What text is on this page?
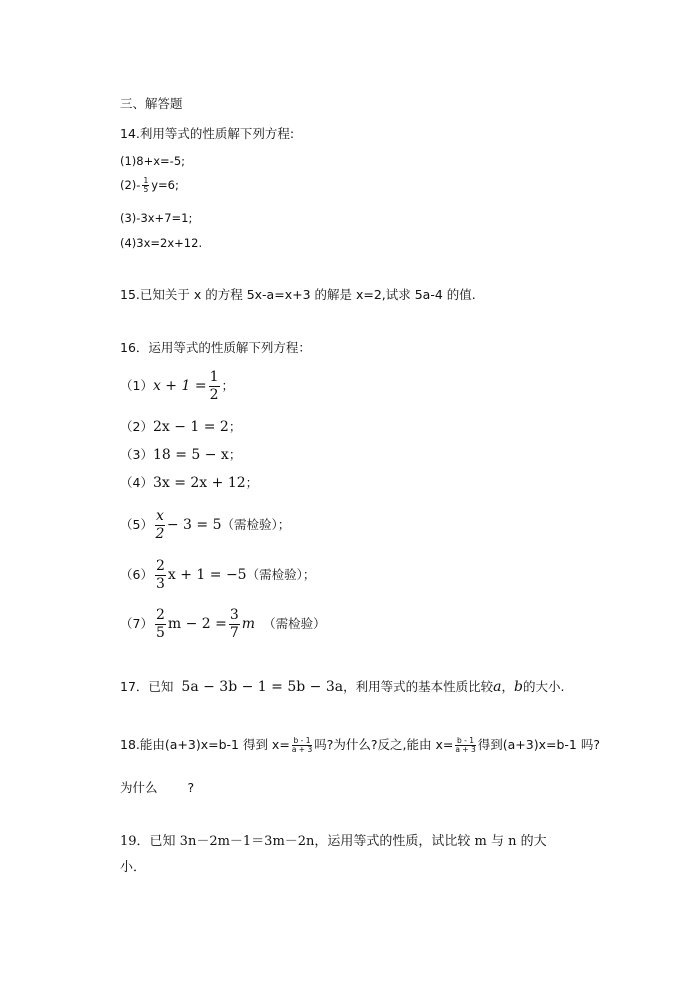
三、解答题
14.利用等式的性质解下列方程:
(1)8+x=-5;
$(2)- \frac{1}{5} y=6$;
(3)-3x+7=1;
(4)3x=2x+12.
15.已知关于 x 的方程 5x-a=x+3 的解是 x=2,试求 5a-4 的值.
16．运用等式的性质解下列方程：
$(1)x + 1 = \frac{1}{2}$ ；
（2）2x − 1 = 2；
（3）18 = 5 − x；
（4）3x = 2x + 12；
$(5) \frac{x}{2} - 3 = 5$（需检验）；
$(6) \frac{2}{3}$ x + 1 = −5（需检验）；
$(7) \frac{2}{5}$ $m - 2 = \frac{3}{7}$ m （需检验）
17．已知 5a − 3b − 1 = 5b − 3a，利用等式的基本性质比较a，b的大小.
18.能由(a+3)x=b-1 得到 $x= \frac{b - 1}{a + 3}$ 吗?为什么?反之,能由 $x= \frac{b - 1}{a + 3}$ 得到(a+3)x=b-1 吗?
为什么 ?
19．已知 3n－2m－1＝3m－2n，运用等式的性质，试比较 m 与 n 的大
小．
